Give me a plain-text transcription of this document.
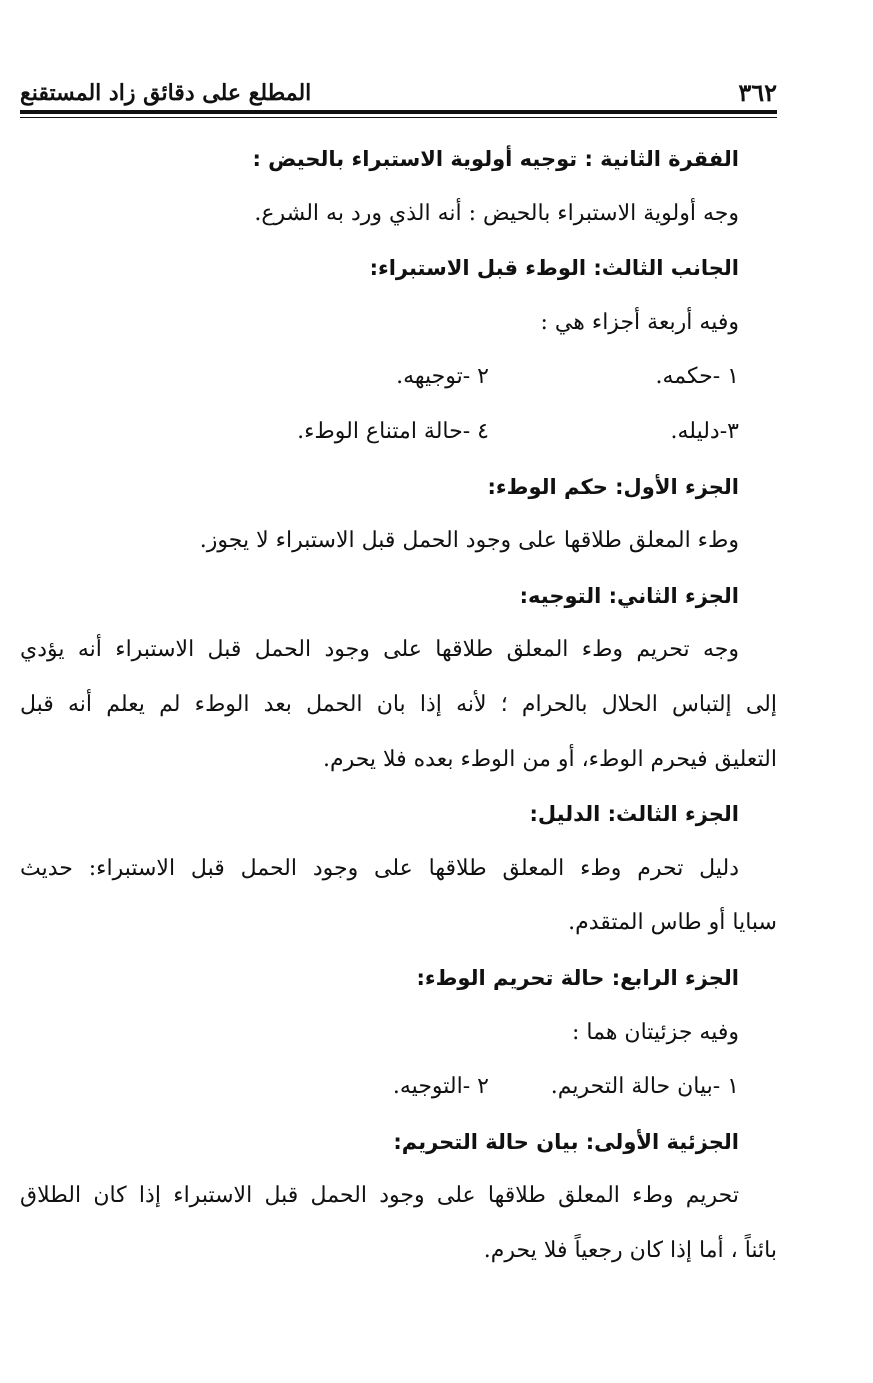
٣٦٢
المطلع على دقائق زاد المستقنع
الفقرة الثانية : توجيه أولوية الاستبراء بالحيض :
وجه أولوية الاستبراء بالحيض : أنه الذي ورد به الشرع.
الجانب الثالث: الوطء قبل الاستبراء:
وفيه أربعة أجزاء هي :
١ -حكمه.
٢ -توجيهه.
٣-دليله.
٤ -حالة امتناع الوطء.
الجزء الأول: حكم الوطء:
وطء المعلق طلاقها على وجود الحمل قبل الاستبراء لا يجوز.
الجزء الثاني: التوجيه:
وجه تحريم وطء المعلق طلاقها على وجود الحمل قبل الاستبراء أنه يؤدي
إلى إلتباس الحلال بالحرام ؛ لأنه إذا بان الحمل بعد الوطء لم يعلم أنه قبل
التعليق فيحرم الوطء، أو من الوطء بعده فلا يحرم.
الجزء الثالث: الدليل:
دليل تحرم وطء المعلق طلاقها على وجود الحمل قبل الاستبراء: حديث
سبايا أو طاس المتقدم.
الجزء الرابع: حالة تحريم الوطء:
وفيه جزئيتان هما :
١ -بيان حالة التحريم.
٢ -التوجيه.
الجزئية الأولى: بيان حالة التحريم:
تحريم وطء المعلق طلاقها على وجود الحمل قبل الاستبراء إذا كان الطلاق
بائناً ، أما إذا كان رجعياً فلا يحرم.
